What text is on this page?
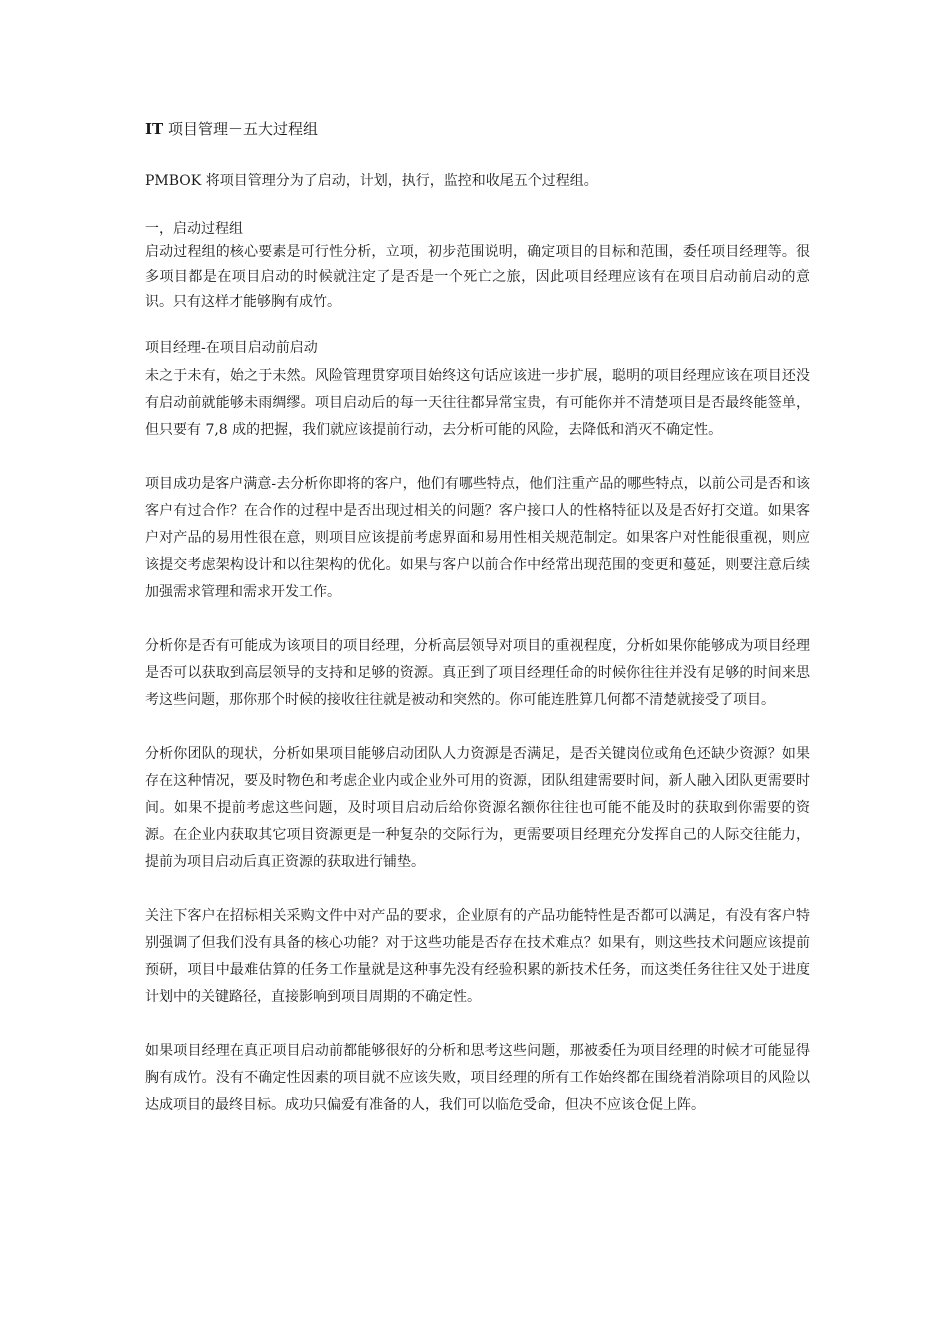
IT 项目管理－五大过程组

PMBOK 将项目管理分为了启动，计划，执行，监控和收尾五个过程组。

一，启动过程组

启动过程组的核心要素是可行性分析，立项，初步范围说明，确定项目的目标和范围，委任项目经理等。很多项目都是在项目启动的时候就注定了是否是一个死亡之旅，因此项目经理应该有在项目启动前启动的意识。只有这样才能够胸有成竹。

项目经理-在项目启动前启动

未之于未有，始之于未然。风险管理贯穿项目始终这句话应该进一步扩展，聪明的项目经理应该在项目还没有启动前就能够未雨绸缪。项目启动后的每一天往往都异常宝贵，有可能你并不清楚项目是否最终能签单，但只要有 7,8 成的把握，我们就应该提前行动，去分析可能的风险，去降低和消灭不确定性。

项目成功是客户满意-去分析你即将的客户，他们有哪些特点，他们注重产品的哪些特点，以前公司是否和该客户有过合作？在合作的过程中是否出现过相关的问题？客户接口人的性格特征以及是否好打交道。如果客户对产品的易用性很在意，则项目应该提前考虑界面和易用性相关规范制定。如果客户对性能很重视，则应该提交考虑架构设计和以往架构的优化。如果与客户以前合作中经常出现范围的变更和蔓延，则要注意后续加强需求管理和需求开发工作。

分析你是否有可能成为该项目的项目经理，分析高层领导对项目的重视程度，分析如果你能够成为项目经理是否可以获取到高层领导的支持和足够的资源。真正到了项目经理任命的时候你往往并没有足够的时间来思考这些问题，那你那个时候的接收往往就是被动和突然的。你可能连胜算几何都不清楚就接受了项目。

分析你团队的现状，分析如果项目能够启动团队人力资源是否满足，是否关键岗位或角色还缺少资源？如果存在这种情况，要及时物色和考虑企业内或企业外可用的资源，团队组建需要时间，新人融入团队更需要时间。如果不提前考虑这些问题，及时项目启动后给你资源名额你往往也可能不能及时的获取到你需要的资源。在企业内获取其它项目资源更是一种复杂的交际行为，更需要项目经理充分发挥自己的人际交往能力，提前为项目启动后真正资源的获取进行铺垫。

关注下客户在招标相关采购文件中对产品的要求，企业原有的产品功能特性是否都可以满足，有没有客户特别强调了但我们没有具备的核心功能？对于这些功能是否存在技术难点？如果有，则这些技术问题应该提前预研，项目中最难估算的任务工作量就是这种事先没有经验积累的新技术任务，而这类任务往往又处于进度计划中的关键路径，直接影响到项目周期的不确定性。

如果项目经理在真正项目启动前都能够很好的分析和思考这些问题，那被委任为项目经理的时候才可能显得胸有成竹。没有不确定性因素的项目就不应该失败，项目经理的所有工作始终都在围绕着消除项目的风险以达成项目的最终目标。成功只偏爱有准备的人，我们可以临危受命，但决不应该仓促上阵。
